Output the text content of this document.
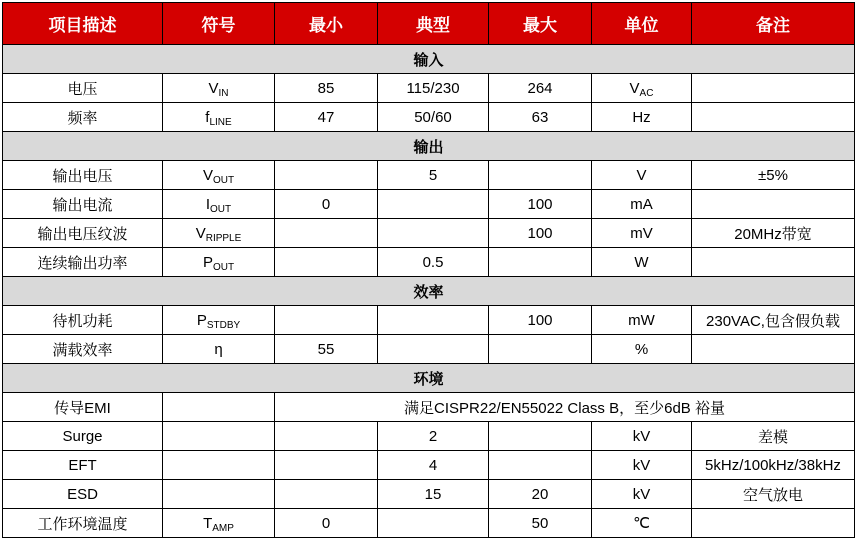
项目描述	符号	最小	典型	最大	单位	备注	
输入							
电压	$V_{IN}$	85	115/230	264	$V_{AC}$	
频率	$f_{LINE}$	47	50/60	63	Hz		
输出							
输出电压	$V_{OUT}$		5		V	±5%	
输出电流	$I_{OUT}$	0		100	mA		
输出电压纹波	$V_{RIPPLE}$			100	mV	20MHz带宽	
连续输出功率	$P_{OUT}$		0.5		W		
效率							
待机功耗	$P_{STDBY}$			100	mW	230VAC,包含假负载	
满载效率	η	55			%		
环境							
传导EMI		满足CISPR22/EN55022 Class B，至少6dB 裕量					
Surge			2		kV	差模	
EFT			4		kV	5kHz/100kHz/38kHz	
ESD			15	20	kV	空气放电	
工作环境温度	$T_{AMP}$	0		50	℃		
